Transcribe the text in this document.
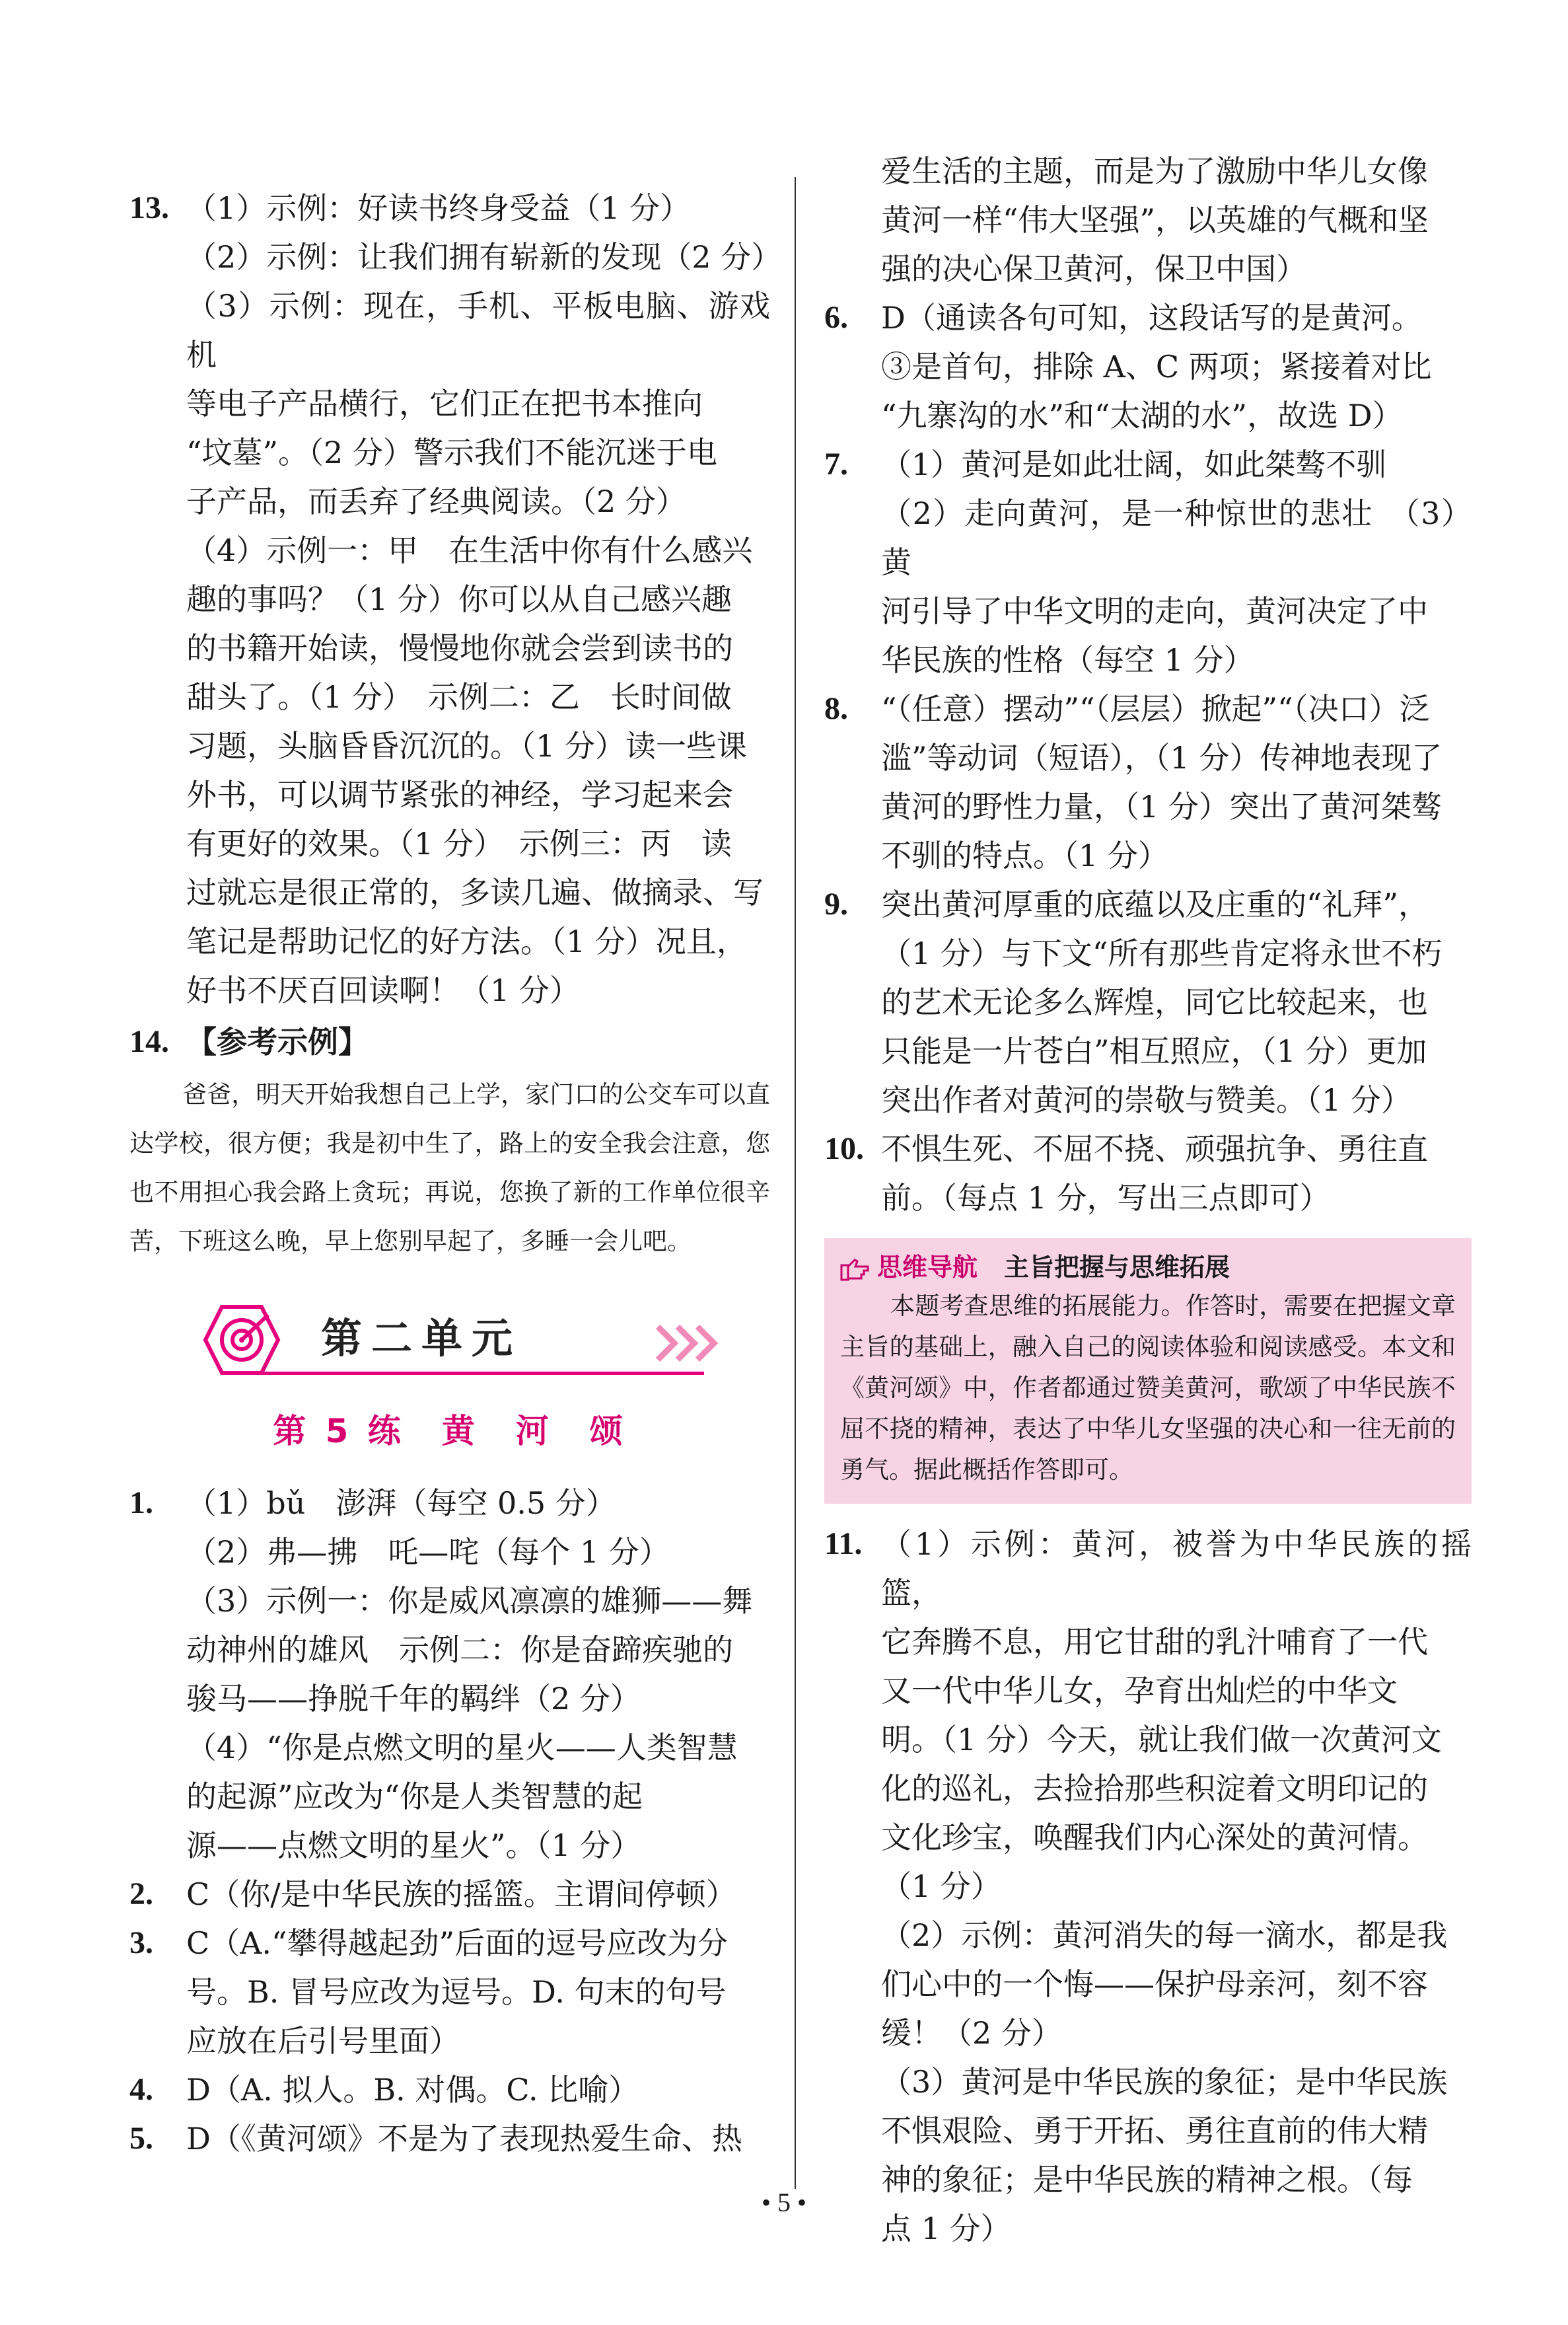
13. （1）示例：好读书终身受益（1 分）
（2）示例：让我们拥有崭新的发现（2 分）
（3）示例：现在，手机、平板电脑、游戏机
等电子产品横行，它们正在把书本推向
“坟墓”。（2 分）警示我们不能沉迷于电
子产品，而丢弃了经典阅读。（2 分）
（4）示例一：甲　在生活中你有什么感兴
趣的事吗？（1 分）你可以从自己感兴趣
的书籍开始读，慢慢地你就会尝到读书的
甜头了。（1 分）　示例二：乙　长时间做
习题，头脑昏昏沉沉的。（1 分）读一些课
外书，可以调节紧张的神经，学习起来会
有更好的效果。（1 分）　示例三：丙　读
过就忘是很正常的，多读几遍、做摘录、写
笔记是帮助记忆的好方法。（1 分）况且，
好书不厌百回读啊！（1 分）
14. 【参考示例】
爸爸，明天开始我想自己上学，家门口的公交车可以直达学校，很方便；我是初中生了，路上的安全我会注意，您也不用担心我会路上贪玩；再说，您换了新的工作单位很辛苦，下班这么晚，早上您别早起了，多睡一会儿吧。
第二单元
第 5 练　黄　河　颂
1. （1）bǔ　澎湃（每空 0.5 分）
（2）弗—拂　吒—咤（每个 1 分）
（3）示例一：你是威风凛凛的雄狮——舞
动神州的雄风　示例二：你是奋蹄疾驰的
骏马——挣脱千年的羁绊（2 分）
（4）“你是点燃文明的星火——人类智慧
的起源”应改为“你是人类智慧的起
源——点燃文明的星火”。（1 分）
2. C（你/是中华民族的摇篮。主谓间停顿）
3. C（A.“攀得越起劲”后面的逗号应改为分
号。B. 冒号应改为逗号。D. 句末的句号
应放在后引号里面）
4. D（A. 拟人。B. 对偶。C. 比喻）
5. D（《黄河颂》不是为了表现热爱生命、热
爱生活的主题，而是为了激励中华儿女像
黄河一样“伟大坚强”，以英雄的气概和坚
强的决心保卫黄河，保卫中国）
6. D（通读各句可知，这段话写的是黄河。
③是首句，排除 A、C 两项；紧接着对比
“九寨沟的水”和“太湖的水”，故选 D）
7. （1）黄河是如此壮阔，如此桀骜不驯
（2）走向黄河，是一种惊世的悲壮　（3）黄
河引导了中华文明的走向，黄河决定了中
华民族的性格（每空 1 分）
8. “（任意）摆动”“（层层）掀起”“（决口）泛
滥”等动词（短语），（1 分）传神地表现了
黄河的野性力量，（1 分）突出了黄河桀骜
不驯的特点。（1 分）
9. 突出黄河厚重的底蕴以及庄重的“礼拜”，
（1 分）与下文“所有那些肯定将永世不朽
的艺术无论多么辉煌，同它比较起来，也
只能是一片苍白”相互照应，（1 分）更加
突出作者对黄河的崇敬与赞美。（1 分）
10. 不惧生死、不屈不挠、顽强抗争、勇往直
前。（每点 1 分，写出三点即可）
思维导航 主旨把握与思维拓展
本题考查思维的拓展能力。作答时，需要在把握文章主旨的基础上，融入自己的阅读体验和阅读感受。本文和《黄河颂》中，作者都通过赞美黄河，歌颂了中华民族不屈不挠的精神，表达了中华儿女坚强的决心和一往无前的勇气。据此概括作答即可。
11. （1）示例：黄河，被誉为中华民族的摇篮，
它奔腾不息，用它甘甜的乳汁哺育了一代
又一代中华儿女，孕育出灿烂的中华文
明。（1 分）今天，就让我们做一次黄河文
化的巡礼，去捡拾那些积淀着文明印记的
文化珍宝，唤醒我们内心深处的黄河情。
（1 分）
（2）示例：黄河消失的每一滴水，都是我
们心中的一个悔——保护母亲河，刻不容
缓！（2 分）
（3）黄河是中华民族的象征；是中华民族
不惧艰险、勇于开拓、勇往直前的伟大精
神的象征；是中华民族的精神之根。（每
点 1 分）
• 5 •
